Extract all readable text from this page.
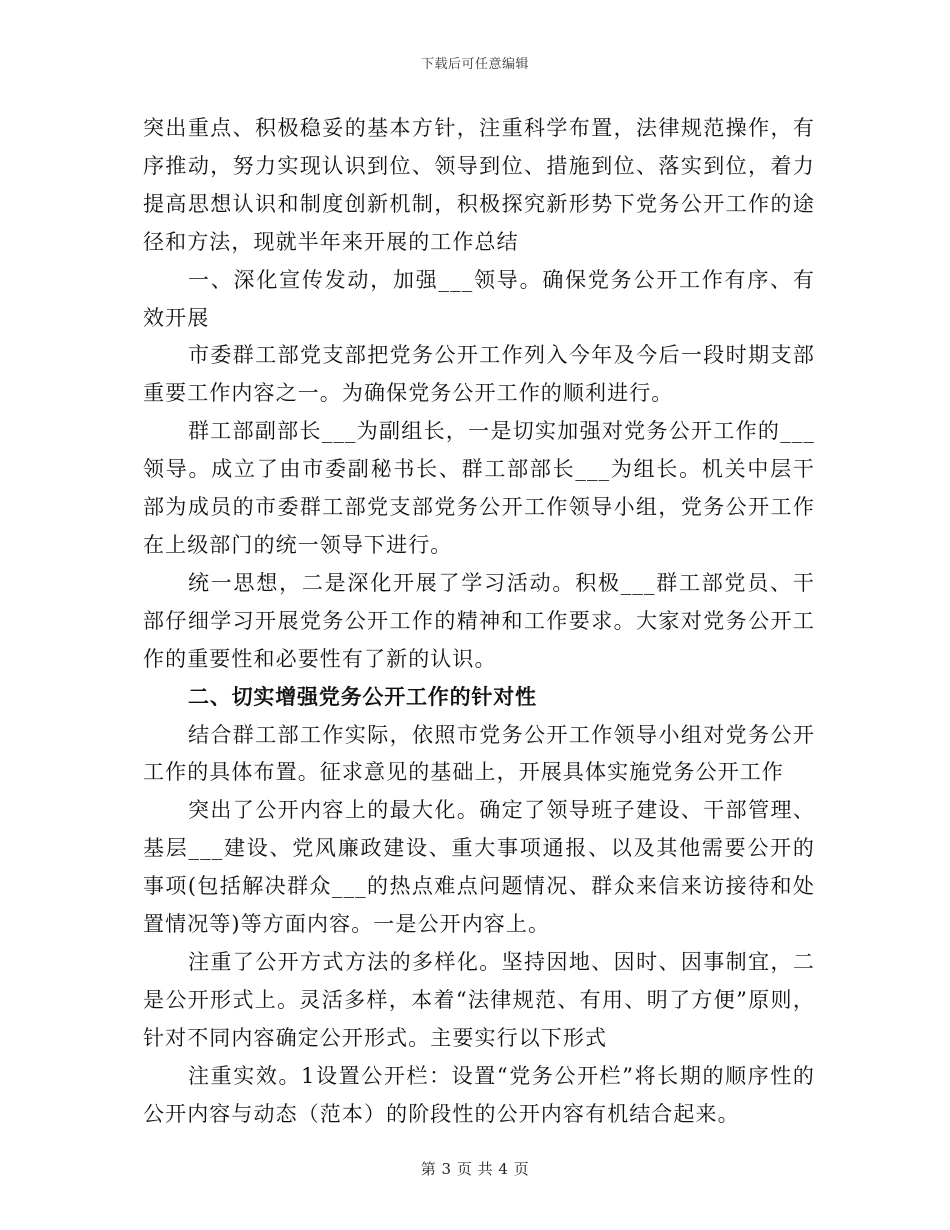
下载后可任意编辑

突出重点、积极稳妥的基本方针，注重科学布置，法律规范操作，有序推动，努力实现认识到位、领导到位、措施到位、落实到位，着力提高思想认识和制度创新机制，积极探究新形势下党务公开工作的途径和方法，现就半年来开展的工作总结

一、深化宣传发动，加强___领导。确保党务公开工作有序、有效开展

市委群工部党支部把党务公开工作列入今年及今后一段时期支部重要工作内容之一。为确保党务公开工作的顺利进行。

群工部副部长___为副组长，一是切实加强对党务公开工作的___领导。成立了由市委副秘书长、群工部部长___为组长。机关中层干部为成员的市委群工部党支部党务公开工作领导小组，党务公开工作在上级部门的统一领导下进行。

统一思想，二是深化开展了学习活动。积极___群工部党员、干部仔细学习开展党务公开工作的精神和工作要求。大家对党务公开工作的重要性和必要性有了新的认识。

二、切实增强党务公开工作的针对性

结合群工部工作实际，依照市党务公开工作领导小组对党务公开工作的具体布置。征求意见的基础上，开展具体实施党务公开工作

突出了公开内容上的最大化。确定了领导班子建设、干部管理、基层___建设、党风廉政建设、重大事项通报、以及其他需要公开的事项(包括解决群众___的热点难点问题情况、群众来信来访接待和处置情况等)等方面内容。一是公开内容上。

注重了公开方式方法的多样化。坚持因地、因时、因事制宜，二是公开形式上。灵活多样，本着“法律规范、有用、明了方便”原则，针对不同内容确定公开形式。主要实行以下形式

注重实效。1设置公开栏：设置“党务公开栏”将长期的顺序性的公开内容与动态（范本）的阶段性的公开内容有机结合起来。

第 3 页 共 4 页
